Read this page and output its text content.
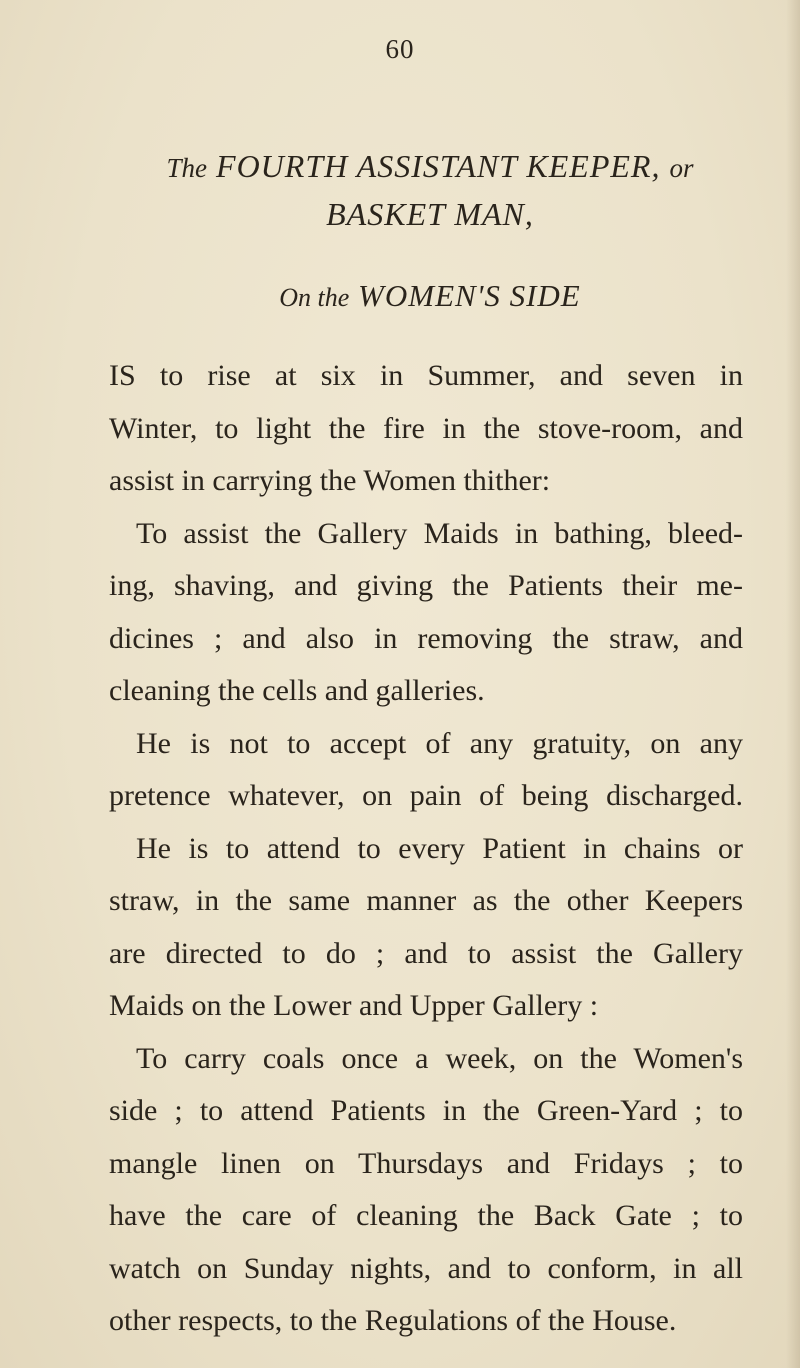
60
The FOURTH ASSISTANT KEEPER, or
BASKET MAN,
On the WOMEN'S SIDE
IS to rise at six in Summer, and seven in
Winter, to light the fire in the stove-room, and
assist in carrying the Women thither:
To assist the Gallery Maids in bathing, bleed-
ing, shaving, and giving the Patients their me-
dicines ; and also in removing the straw, and
cleaning the cells and galleries.
He is not to accept of any gratuity, on any
pretence whatever, on pain of being discharged.
He is to attend to every Patient in chains or
straw, in the same manner as the other Keepers
are directed to do ; and to assist the Gallery
Maids on the Lower and Upper Gallery :
To carry coals once a week, on the Women's
side ; to attend Patients in the Green-Yard ; to
mangle linen on Thursdays and Fridays ; to
have the care of cleaning the Back Gate ; to
watch on Sunday nights, and to conform, in all
other respects, to the Regulations of the House.
